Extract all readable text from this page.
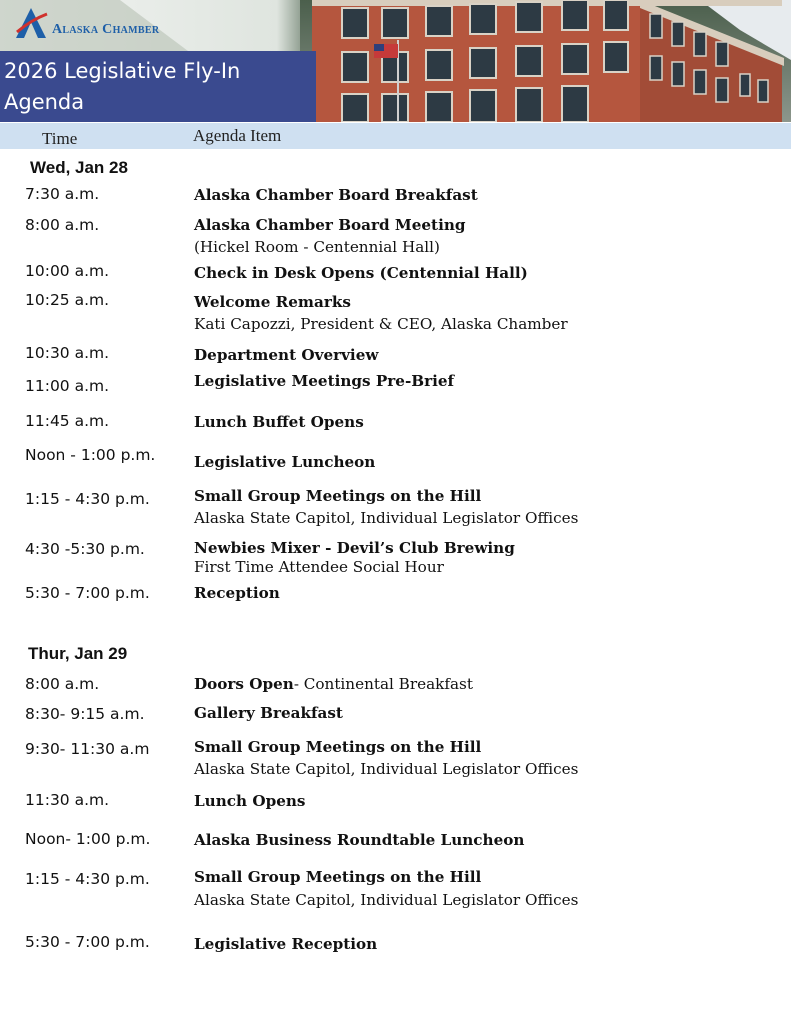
Alaska Chamber
2026 Legislative Fly-In
Agenda
Time	Agenda Item
Wed, Jan 28
7:30 a.m.	Alaska Chamber Board Breakfast
8:00 a.m.	Alaska Chamber Board Meeting
(Hickel Room - Centennial Hall)
10:00 a.m.	Check in Desk Opens (Centennial Hall)
10:25 a.m.	Welcome Remarks
Kati Capozzi, President & CEO, Alaska Chamber
10:30 a.m.	Department Overview
11:00 a.m.	Legislative Meetings Pre-Brief
11:45 a.m.	Lunch Buffet Opens
Noon - 1:00 p.m.	Legislative Luncheon
1:15 - 4:30 p.m.	Small Group Meetings on the Hill
Alaska State Capitol, Individual Legislator Offices
4:30 -5:30 p.m.	Newbies Mixer - Devil’s Club Brewing
First Time Attendee Social Hour
5:30 - 7:00 p.m.	Reception
Thur, Jan 29
8:00 a.m.	Doors Open- Continental Breakfast
8:30- 9:15 a.m.	Gallery Breakfast
9:30- 11:30 a.m	Small Group Meetings on the Hill
Alaska State Capitol, Individual Legislator Offices
11:30 a.m.	Lunch Opens
Noon- 1:00 p.m.	Alaska Business Roundtable Luncheon
1:15 - 4:30 p.m.	Small Group Meetings on the Hill
Alaska State Capitol, Individual Legislator Offices
5:30 - 7:00 p.m.	Legislative Reception
